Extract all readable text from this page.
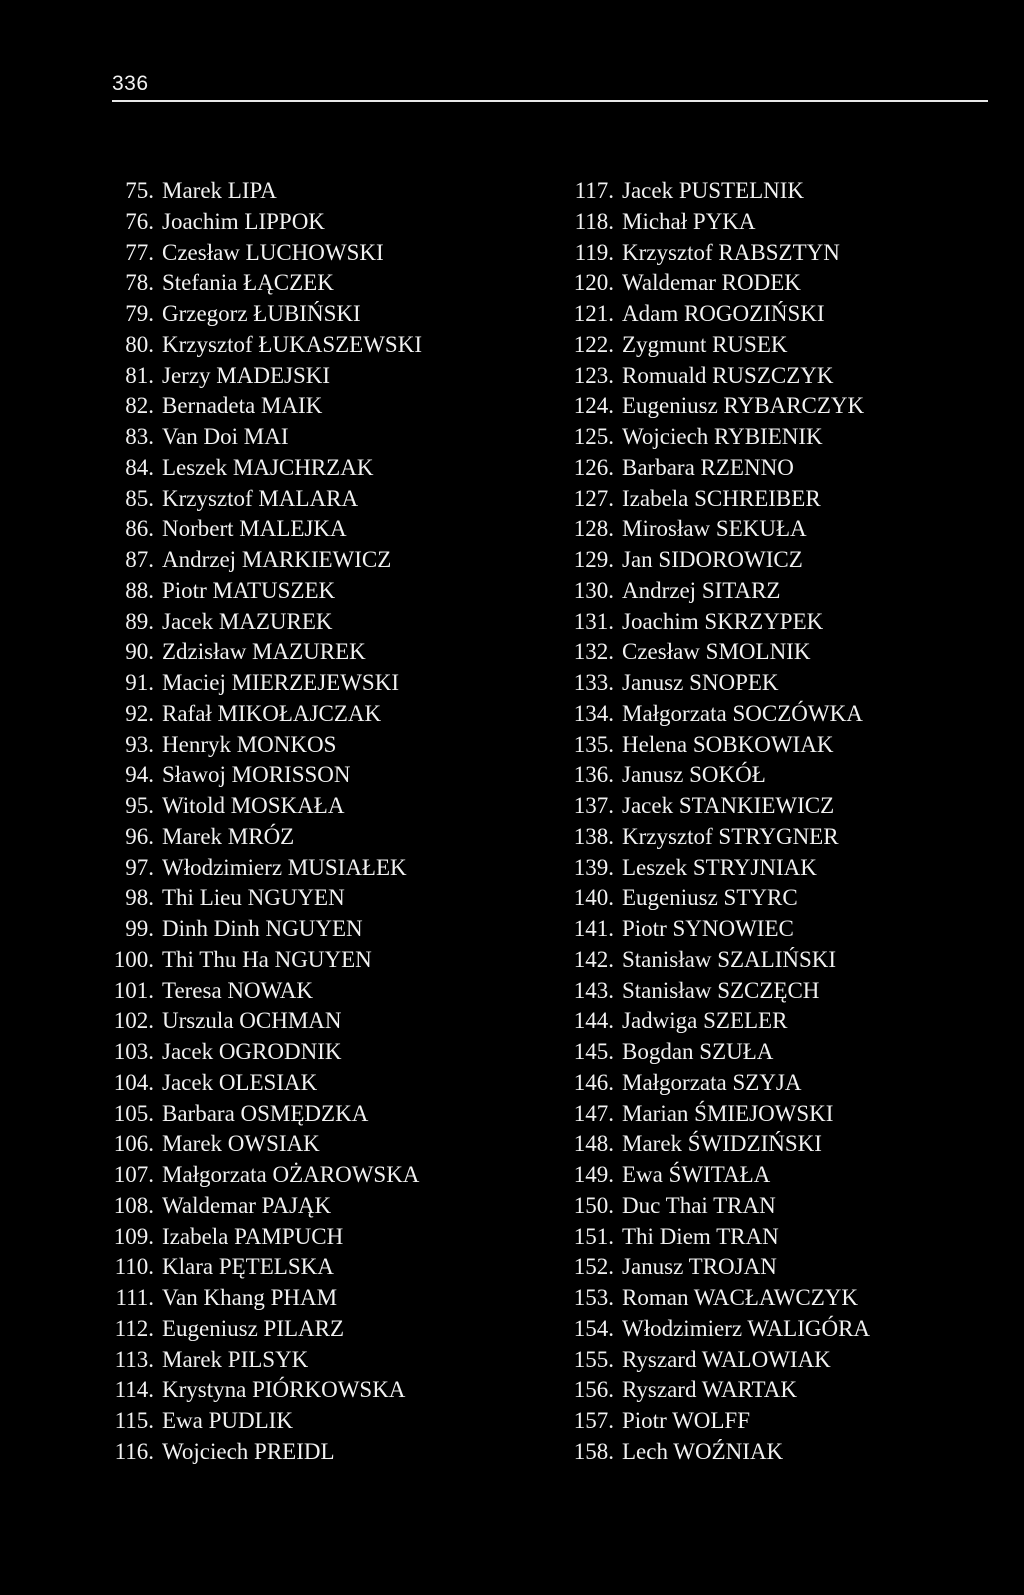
336
75. Marek LIPA
76. Joachim LIPPOK
77. Czesław LUCHOWSKI
78. Stefania ŁĄCZEK
79. Grzegorz ŁUBIŃSKI
80. Krzysztof ŁUKASZEWSKI
81. Jerzy MADEJSKI
82. Bernadeta MAIK
83. Van Doi MAI
84. Leszek MAJCHRZAK
85. Krzysztof MALARA
86. Norbert MALEJKA
87. Andrzej MARKIEWICZ
88. Piotr MATUSZEK
89. Jacek MAZUREK
90. Zdzisław MAZUREK
91. Maciej MIERZEJEWSKI
92. Rafał MIKOŁAJCZAK
93. Henryk MONKOS
94. Sławoj MORISSON
95. Witold MOSKAŁA
96. Marek MRÓZ
97. Włodzimierz MUSIAŁEK
98. Thi Lieu NGUYEN
99. Dinh Dinh NGUYEN
100. Thi Thu Ha NGUYEN
101. Teresa NOWAK
102. Urszula OCHMAN
103. Jacek OGRODNIK
104. Jacek OLESIAK
105. Barbara OSMĘDZKA
106. Marek OWSIAK
107. Małgorzata OŻAROWSKA
108. Waldemar PAJĄK
109. Izabela PAMPUCH
110. Klara PĘTELSKA
111. Van Khang PHAM
112. Eugeniusz PILARZ
113. Marek PILSYK
114. Krystyna PIÓRKOWSKA
115. Ewa PUDLIK
116. Wojciech PREIDL
117. Jacek PUSTELNIK
118. Michał PYKA
119. Krzysztof RABSZTYN
120. Waldemar RODEK
121. Adam ROGOZIŃSKI
122. Zygmunt RUSEK
123. Romuald RUSZCZYK
124. Eugeniusz RYBARCZYK
125. Wojciech RYBIENIK
126. Barbara RZENNO
127. Izabela SCHREIBER
128. Mirosław SEKUŁA
129. Jan SIDOROWICZ
130. Andrzej SITARZ
131. Joachim SKRZYPEK
132. Czesław SMOLNIK
133. Janusz SNOPEK
134. Małgorzata SOCZÓWKA
135. Helena SOBKOWIAK
136. Janusz SOKÓŁ
137. Jacek STANKIEWICZ
138. Krzysztof STRYGNER
139. Leszek STRYJNIAK
140. Eugeniusz STYRC
141. Piotr SYNOWIEC
142. Stanisław SZALIŃSKI
143. Stanisław SZCZĘCH
144. Jadwiga SZELER
145. Bogdan SZUŁA
146. Małgorzata SZYJA
147. Marian ŚMIEJOWSKI
148. Marek ŚWIDZIŃSKI
149. Ewa ŚWITAŁA
150. Duc Thai TRAN
151. Thi Diem TRAN
152. Janusz TROJAN
153. Roman WACŁAWCZYK
154. Włodzimierz WALIGÓRA
155. Ryszard WALOWIAK
156. Ryszard WARTAK
157. Piotr WOLFF
158. Lech WOŹNIAK
